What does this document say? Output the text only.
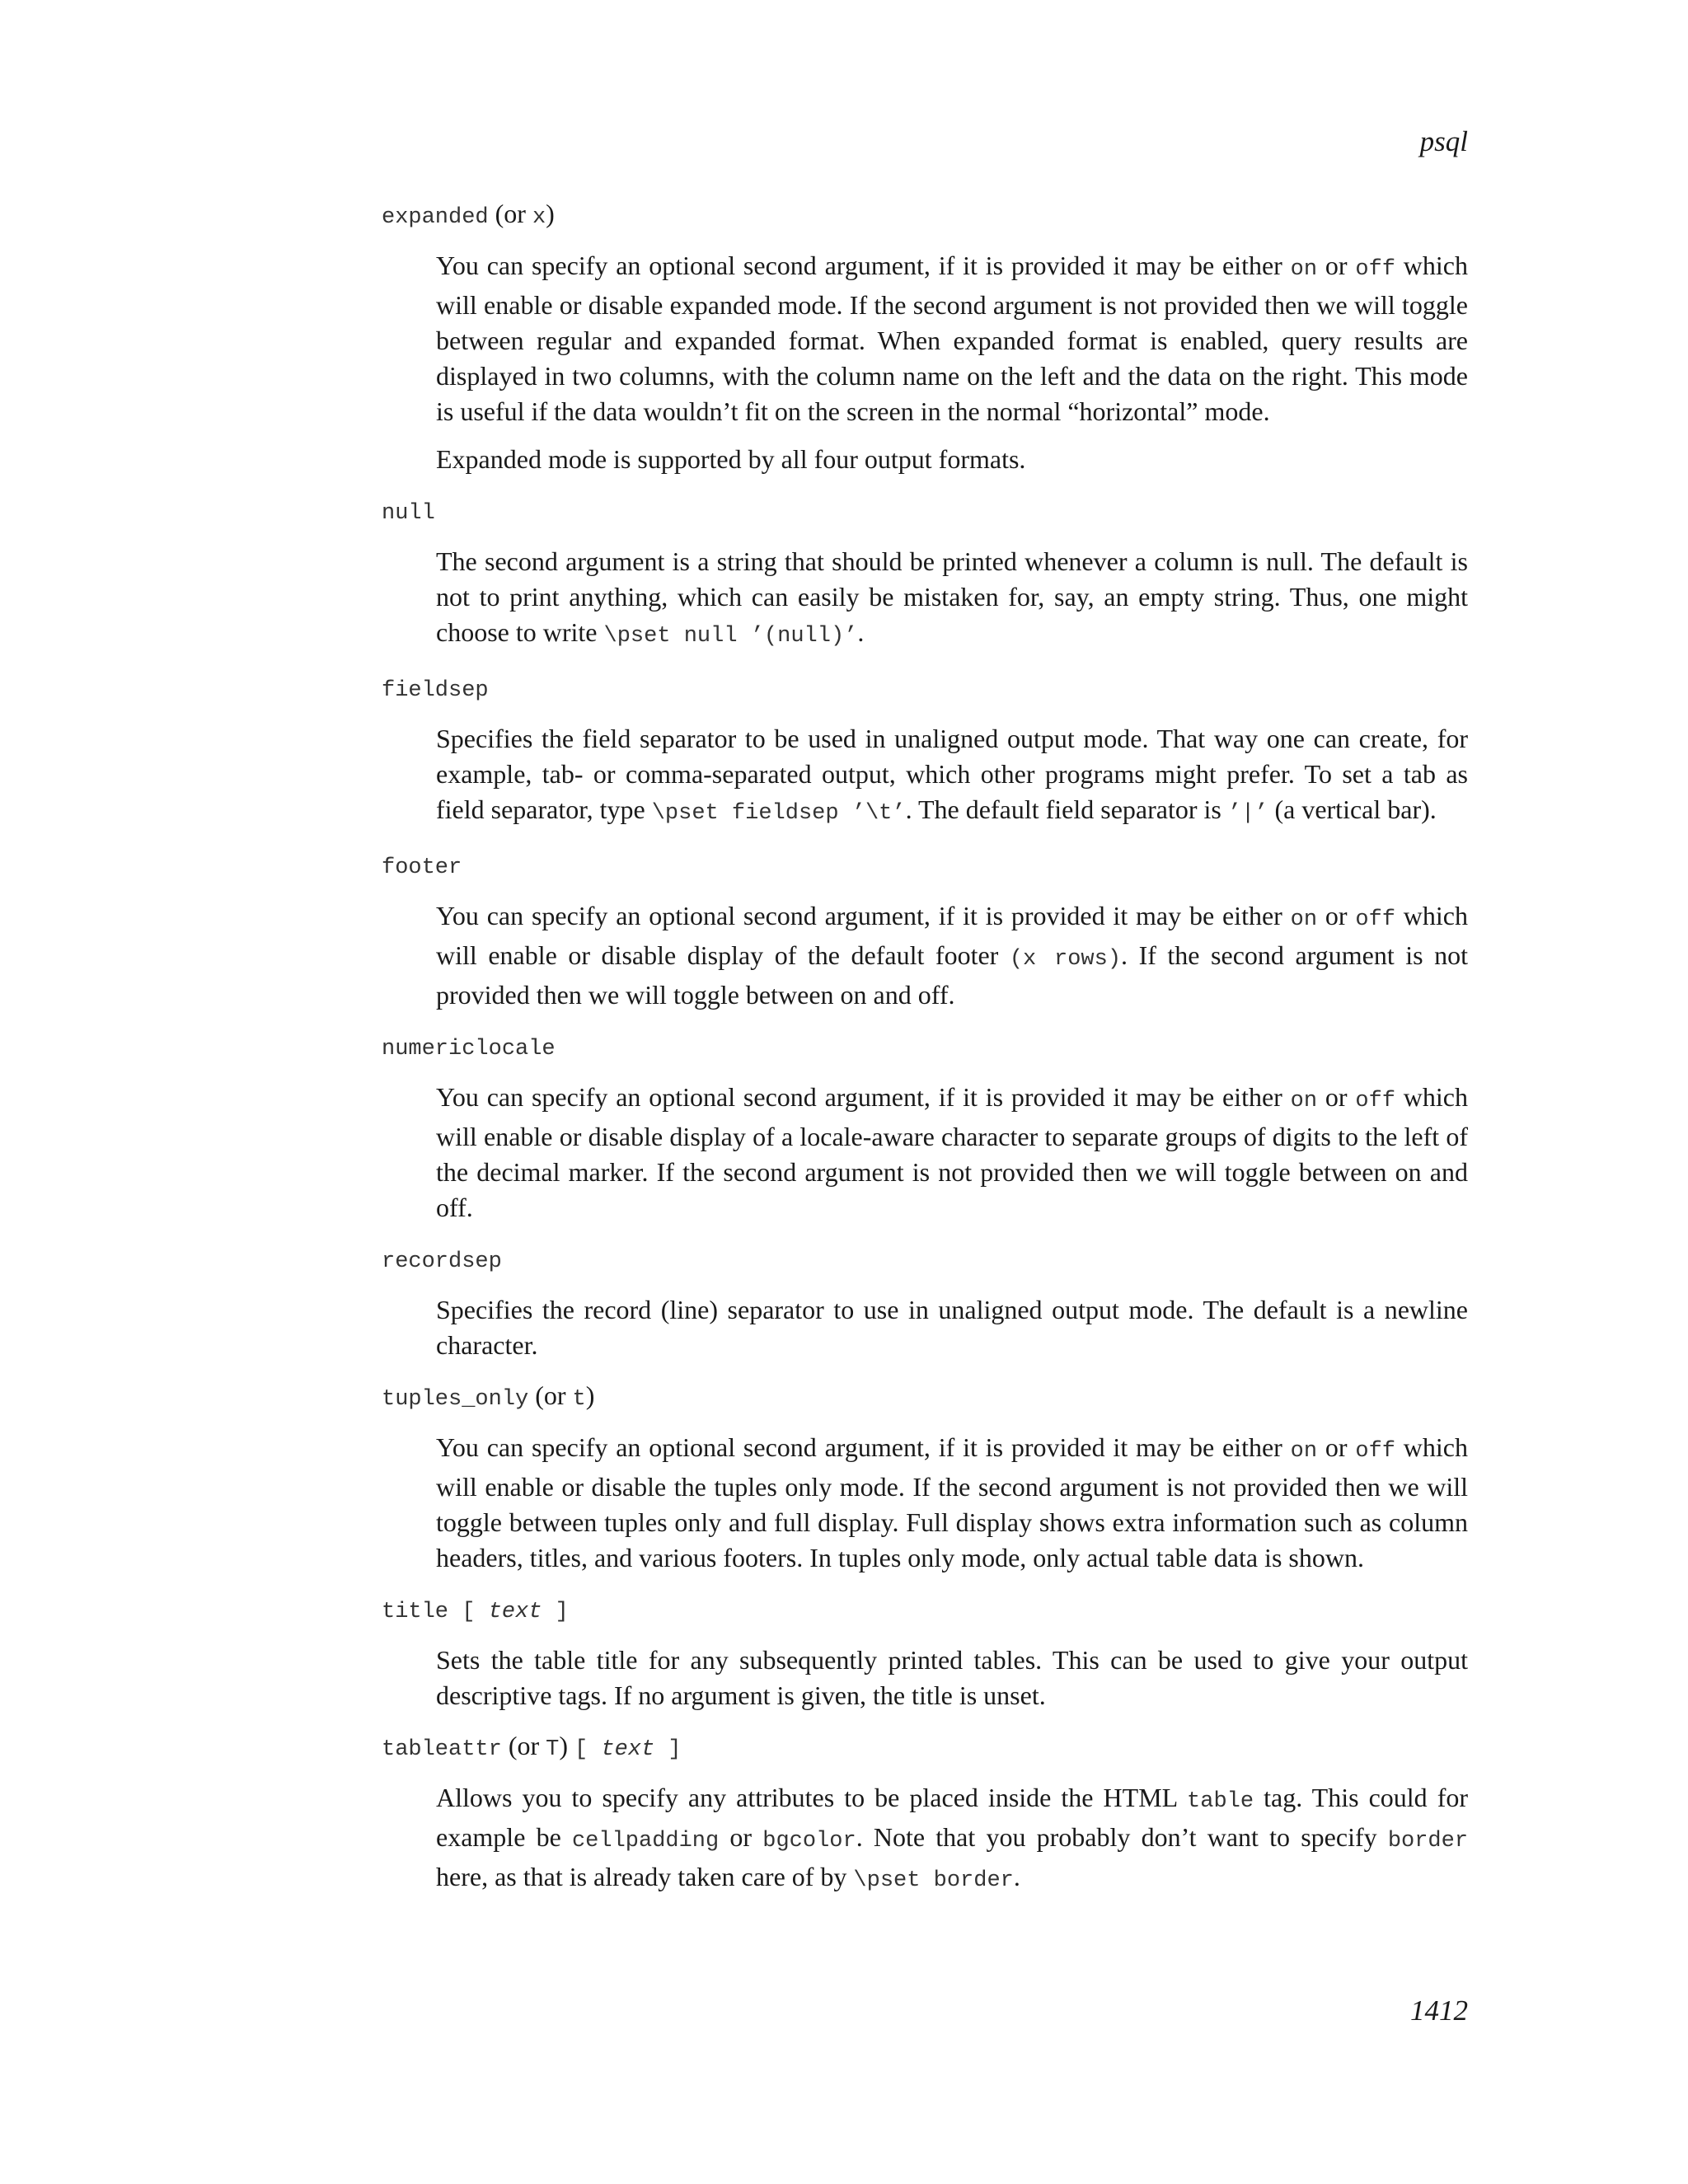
psql
expanded (or x)

You can specify an optional second argument, if it is provided it may be either on or off which will enable or disable expanded mode. If the second argument is not provided then we will toggle between regular and expanded format. When expanded format is enabled, query results are displayed in two columns, with the column name on the left and the data on the right. This mode is useful if the data wouldn’t fit on the screen in the normal “horizontal” mode.

Expanded mode is supported by all four output formats.

null

The second argument is a string that should be printed whenever a column is null. The default is not to print anything, which can easily be mistaken for, say, an empty string. Thus, one might choose to write \pset null ’(null)’.

fieldsep

Specifies the field separator to be used in unaligned output mode. That way one can create, for example, tab- or comma-separated output, which other programs might prefer. To set a tab as field separator, type \pset fieldsep ’\t’. The default field separator is ’|’ (a vertical bar).

footer

You can specify an optional second argument, if it is provided it may be either on or off which will enable or disable display of the default footer (x rows). If the second argument is not provided then we will toggle between on and off.

numericlocale

You can specify an optional second argument, if it is provided it may be either on or off which will enable or disable display of a locale-aware character to separate groups of digits to the left of the decimal marker. If the second argument is not provided then we will toggle between on and off.

recordsep

Specifies the record (line) separator to use in unaligned output mode. The default is a newline character.

tuples_only (or t)

You can specify an optional second argument, if it is provided it may be either on or off which will enable or disable the tuples only mode. If the second argument is not provided then we will toggle between tuples only and full display. Full display shows extra information such as column headers, titles, and various footers. In tuples only mode, only actual table data is shown.

title [ text ]

Sets the table title for any subsequently printed tables. This can be used to give your output descriptive tags. If no argument is given, the title is unset.

tableattr (or T) [ text ]

Allows you to specify any attributes to be placed inside the HTML table tag. This could for example be cellpadding or bgcolor. Note that you probably don’t want to specify border here, as that is already taken care of by \pset border.

1412
